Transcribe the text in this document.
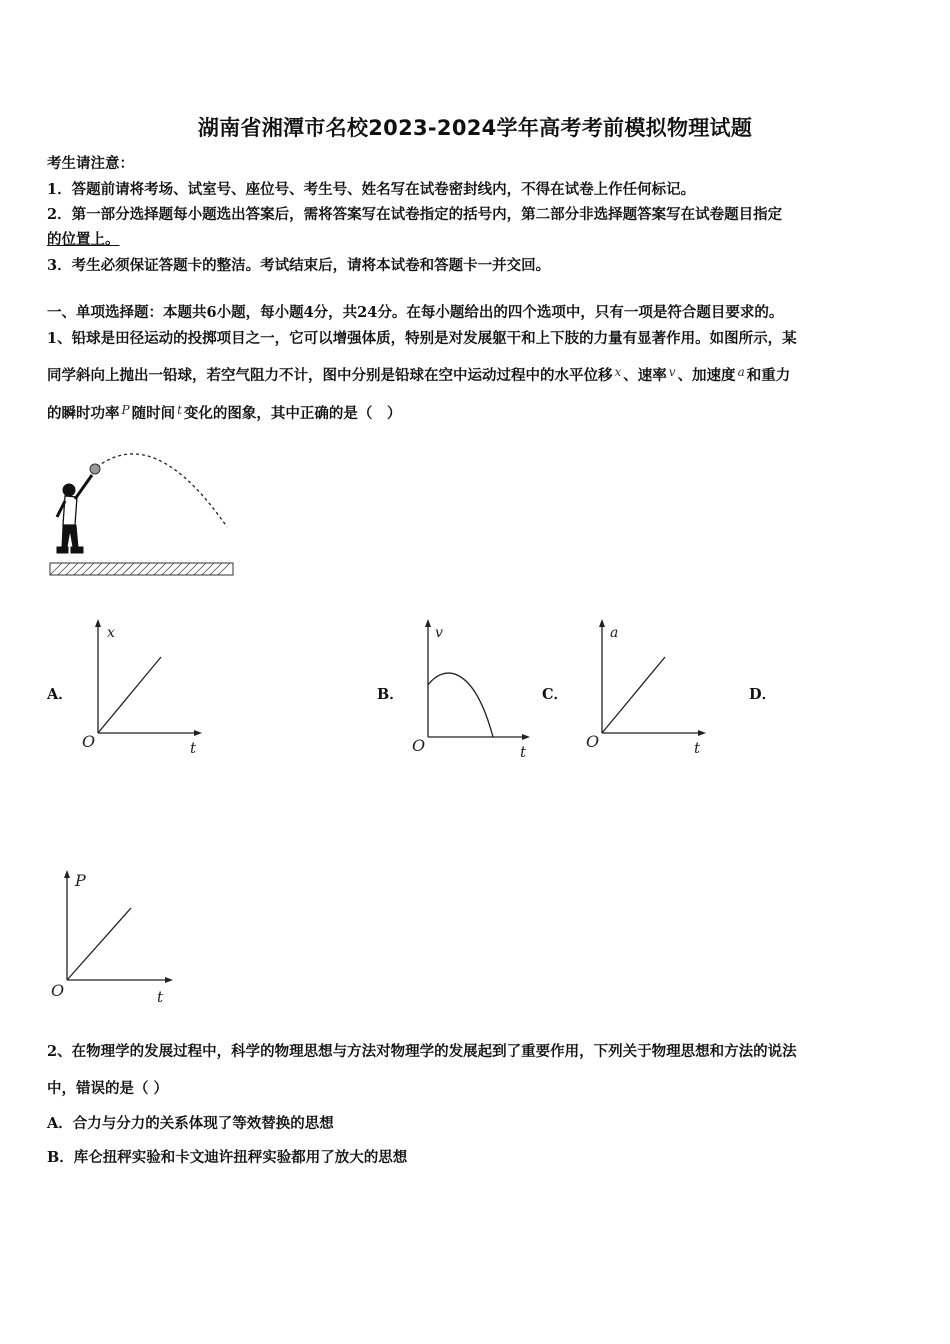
湖南省湘潭市名校2023-2024学年高考考前模拟物理试题
考生请注意：
1．答题前请将考场、试室号、座位号、考生号、姓名写在试卷密封线内，不得在试卷上作任何标记。
2．第一部分选择题每小题选出答案后，需将答案写在试卷指定的括号内，第二部分非选择题答案写在试卷题目指定
的位置上。
3．考生必须保证答题卡的整洁。考试结束后，请将本试卷和答题卡一并交回。
一、单项选择题：本题共6小题，每小题4分，共24分。在每小题给出的四个选项中，只有一项是符合题目要求的。
1、铅球是田径运动的投掷项目之一，它可以增强体质，特别是对发展躯干和上下肢的力量有显著作用。如图所示，某
同学斜向上抛出一铅球，若空气阻力不计，图中分别是铅球在空中运动过程中的水平位移 $^x$ 、速率 $^v$ 、加速度 $^a$ 和重力
的瞬时功率 $^P$ 随时间 $^t$ 变化的图象，其中正确的是（　）
A．	B．	C．	D．
x
t
O
v
t
O
a
t
O
P
t
O
2、在物理学的发展过程中，科学的物理思想与方法对物理学的发展起到了重要作用，下列关于物理思想和方法的说法
中，错误的是（ ）
A．合力与分力的关系体现了等效替换的思想
B．库仑扭秤实验和卡文迪许扭秤实验都用了放大的思想
